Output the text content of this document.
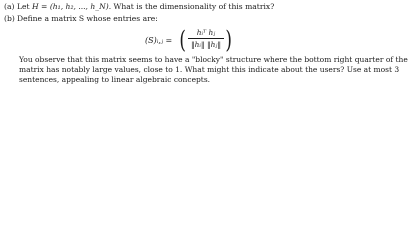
(a) Let H = (h₁, h₂, ..., h_N). What is the dimensionality of this matrix?
(b) Define a matrix S whose entries are:
(S)ᵢ,ⱼ = (	hᵢᵀ hⱼ
‖hᵢ‖ ‖hⱼ‖ )
You observe that this matrix seems to have a "blocky" structure where the bottom right quarter of the
matrix has notably large values, close to 1. What might this indicate about the users? Use at most 3
sentences, appealing to linear algebraic concepts.
